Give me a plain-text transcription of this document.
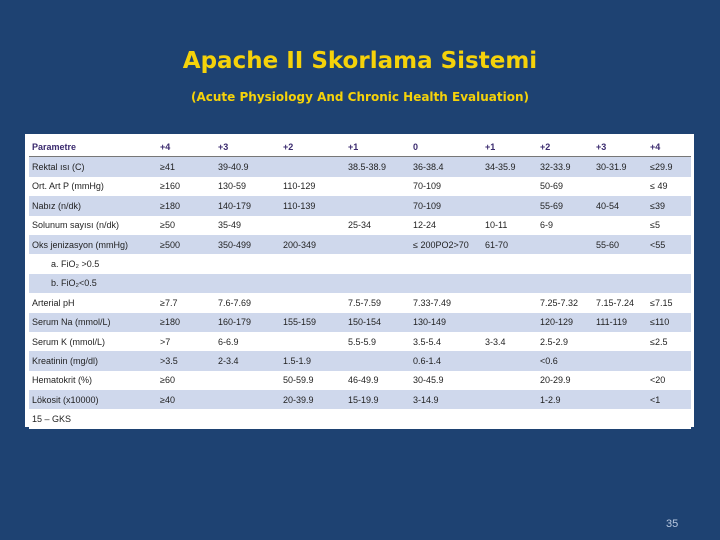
Apache II Skorlama Sistemi
(Acute Physiology And Chronic Health Evaluation)
Parametre	+4	+3	+2	+1	0	+1	+2	+3	+4
Rektal ısı (C)	≥41	39-40.9		38.5-38.9	36-38.4	34-35.9	32-33.9	30-31.9	≤29.9
Ort. Art P (mmHg)	≥160	130-59	110-129		70-109		50-69		≤ 49
Nabız (n/dk)	≥180	140-179	110-139		70-109		55-69	40-54	≤39
Solunum sayısı (n/dk)	≥50	35-49		25-34	12-24	10-11	6-9		≤5
Oks jenizasyon (mmHg)	≥500	350-499	200-349		≤ 200PO2>70	61-70		55-60	<55
a. FiO₂ >0.5									
b. FiO₂<0.5									
Arterial pH	≥7.7	7.6-7.69		7.5-7.59	7.33-7.49		7.25-7.32	7.15-7.24	≤7.15
Serum Na (mmol/L)	≥180	160-179	155-159	150-154	130-149		120-129	111-119	≤110
Serum K (mmol/L)	>7	6-6.9		5.5-5.9	3.5-5.4	3-3.4	2.5-2.9		≤2.5
Kreatinin (mg/dl)	>3.5	2-3.4	1.5-1.9		0.6-1.4		<0.6		
Hematokrit (%)	≥60		50-59.9	46-49.9	30-45.9		20-29.9		<20
Lökosit (x10000)	≥40		20-39.9	15-19.9	3-14.9		1-2.9		<1
15 – GKS									
35
